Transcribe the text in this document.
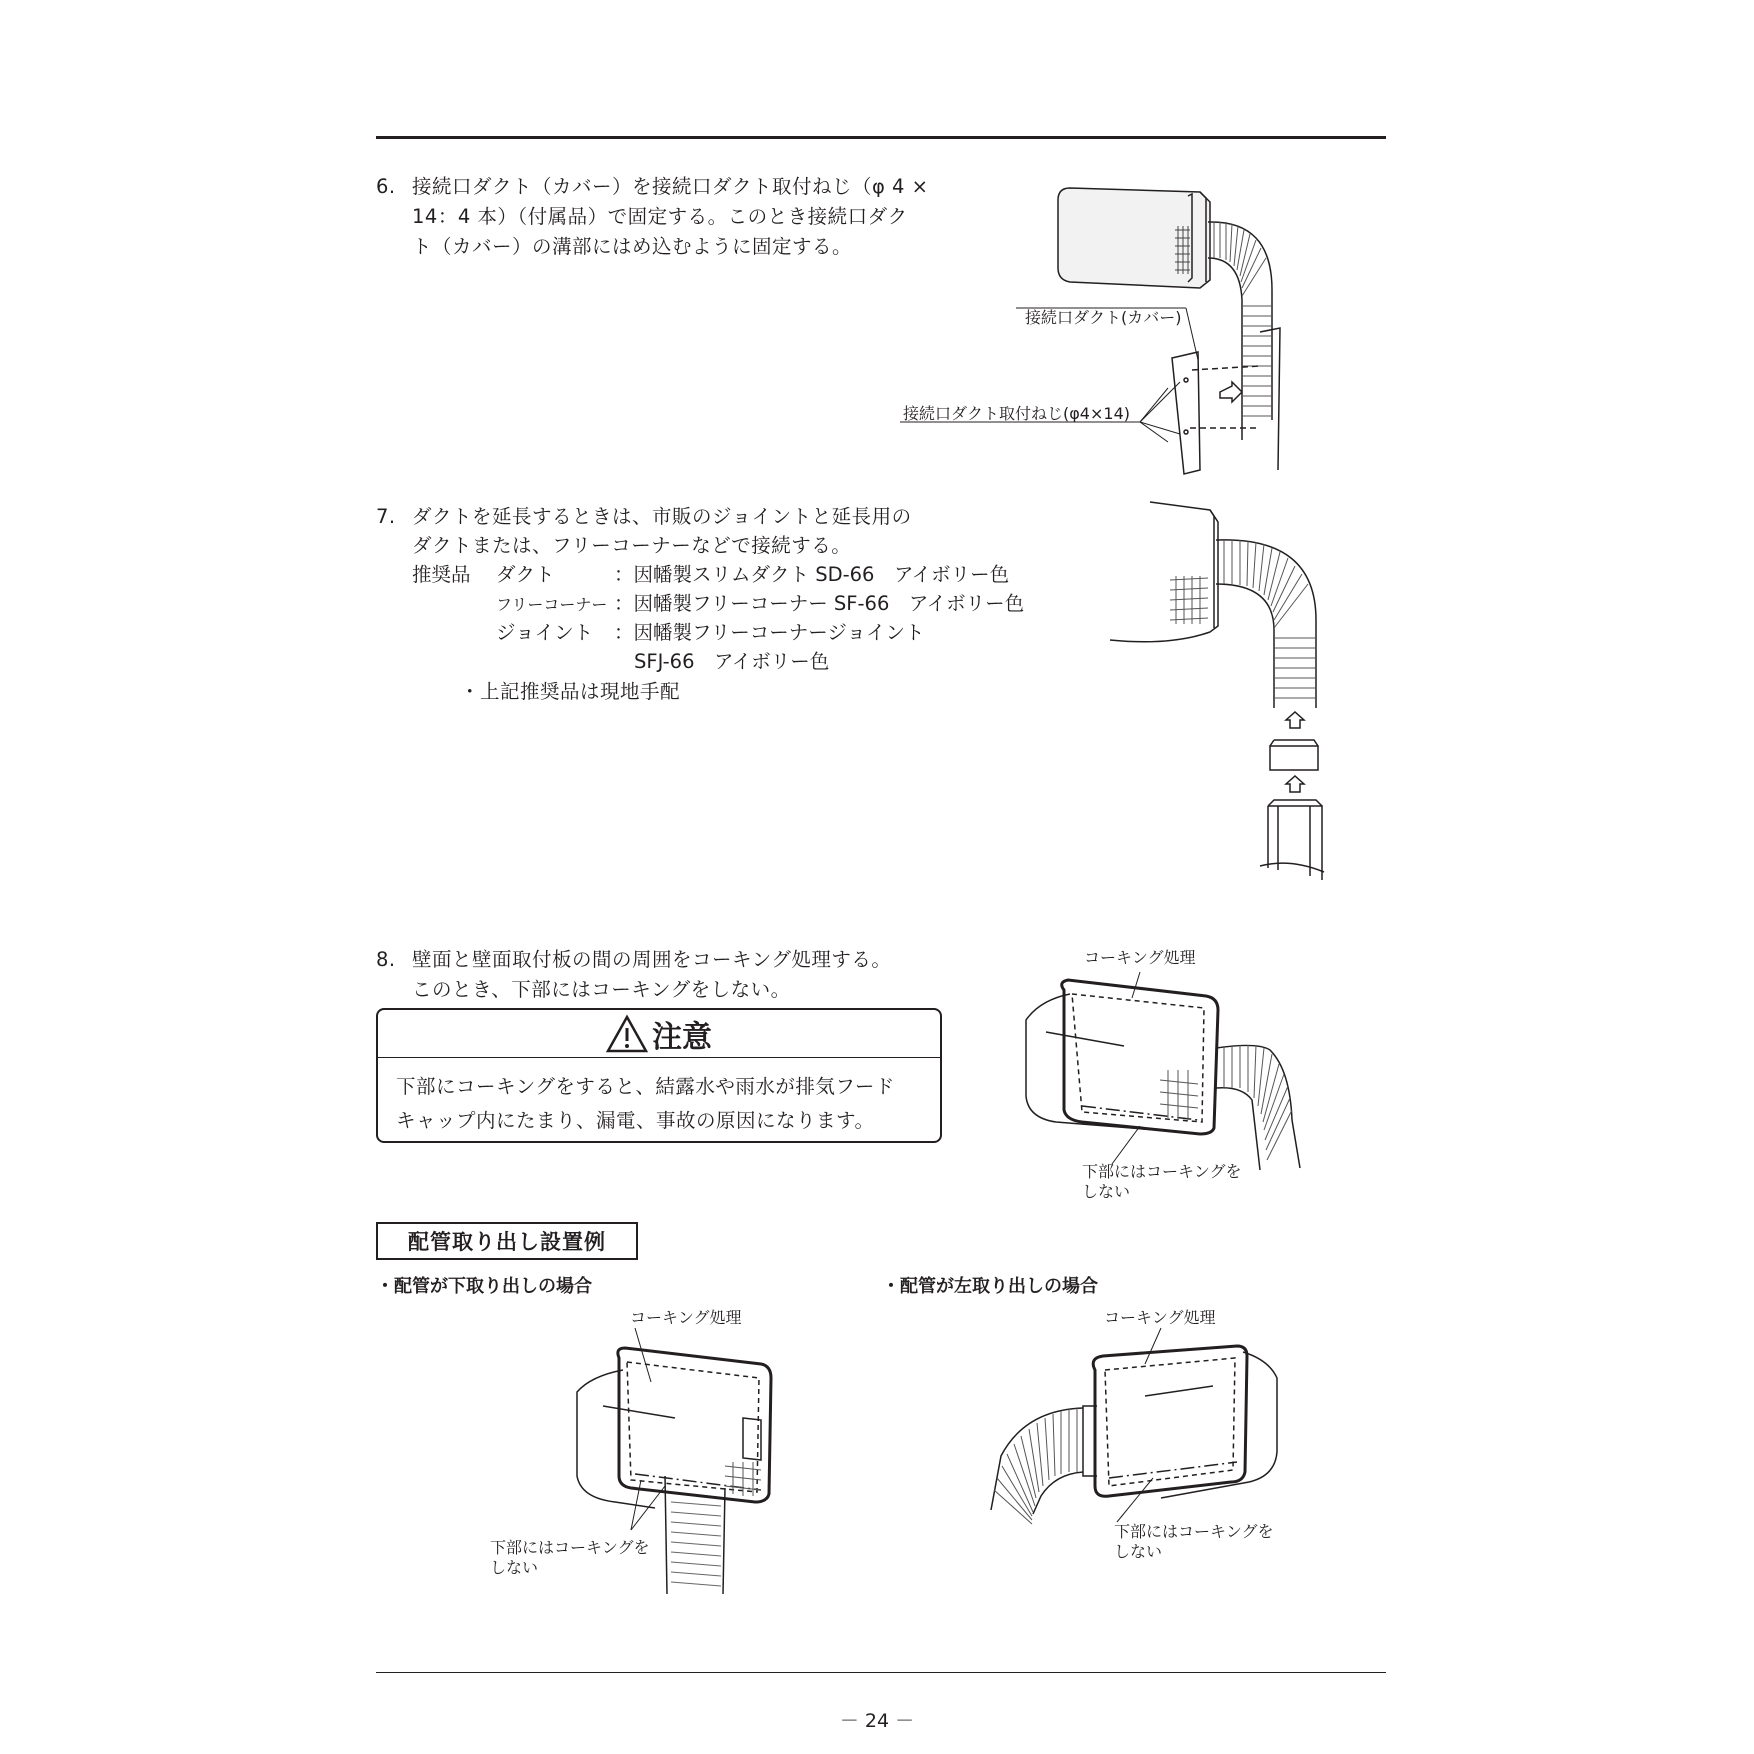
6. 接続口ダクト（カバー）を接続口ダクト取付ねじ（φ 4 ×
14：4 本）（付属品）で固定する。このとき接続口ダク
ト（カバー）の溝部にはめ込むように固定する。
接続口ダクト(カバー)
接続口ダクト取付ねじ(φ4×14)
7. ダクトを延長するときは、市販のジョイントと延長用の
ダクトまたは、フリーコーナーなどで接続する。
推奨品 ダクト	：因幡製スリムダクト SD-66　アイボリー色
フリーコーナー ：因幡製フリーコーナー SF-66　アイボリー色
ジョイント ：因幡製フリーコーナージョイント
SFJ-66　アイボリー色
・上記推奨品は現地手配
8. 壁面と壁面取付板の間の周囲をコーキング処理する。
このとき、下部にはコーキングをしない。
注意
下部にコーキングをすると、結露水や雨水が排気フード
キャップ内にたまり、漏電、事故の原因になります。
コーキング処理
下部にはコーキングを
しない
配管取り出し設置例
・配管が下取り出しの場合	・配管が左取り出しの場合
コーキング処理
下部にはコーキングを
しない
コーキング処理
下部にはコーキングを
しない
－ 24 －
